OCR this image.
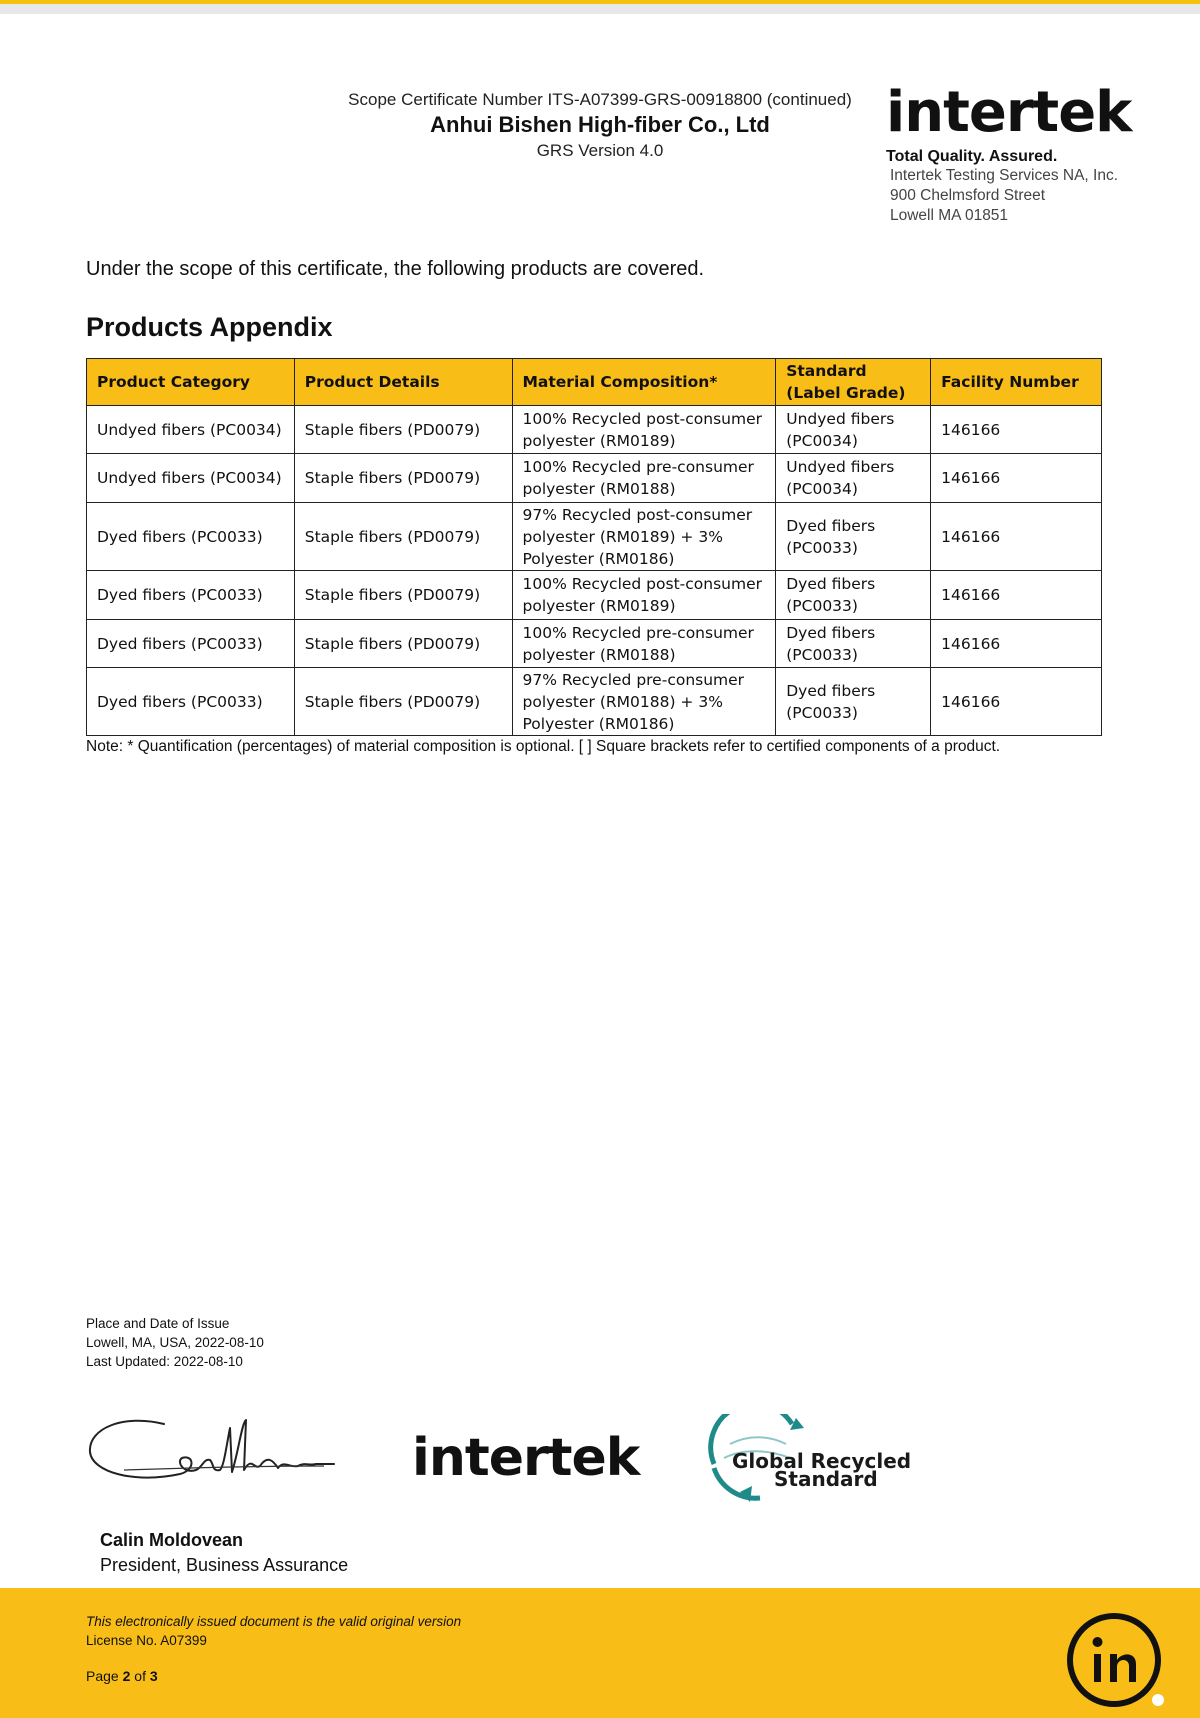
Scope Certificate Number ITS-A07399-GRS-00918800 (continued)
Anhui Bishen High-fiber Co., Ltd
GRS Version 4.0
intertek
Total Quality. Assured.
Intertek Testing Services NA, Inc.
900 Chelmsford Street
Lowell MA 01851
Under the scope of this certificate, the following products are covered.
Products Appendix
Product Category	Product Details	Material Composition*	Standard (Label Grade)	Facility Number
Undyed fibers (PC0034)	Staple fibers (PD0079)	100% Recycled post-consumer polyester (RM0189)	Undyed fibers (PC0034)	146166
Undyed fibers (PC0034)	Staple fibers (PD0079)	100% Recycled pre-consumer polyester (RM0188)	Undyed fibers (PC0034)	146166
Dyed fibers (PC0033)	Staple fibers (PD0079)	97% Recycled post-consumer polyester (RM0189) + 3% Polyester (RM0186)	Dyed fibers (PC0033)	146166
Dyed fibers (PC0033)	Staple fibers (PD0079)	100% Recycled post-consumer polyester (RM0189)	Dyed fibers (PC0033)	146166
Dyed fibers (PC0033)	Staple fibers (PD0079)	100% Recycled pre-consumer polyester (RM0188)	Dyed fibers (PC0033)	146166
Dyed fibers (PC0033)	Staple fibers (PD0079)	97% Recycled pre-consumer polyester (RM0188) + 3% Polyester (RM0186)	Dyed fibers (PC0033)	146166
Note: * Quantification (percentages) of material composition is optional. [ ] Square brackets refer to certified components of a product.
Place and Date of Issue
Lowell, MA, USA, 2022-08-10
Last Updated: 2022-08-10
intertek	Global Recycled
Standard
Calin Moldovean
President, Business Assurance
This electronically issued document is the valid original version
License No. A07399
Page 2 of 3
